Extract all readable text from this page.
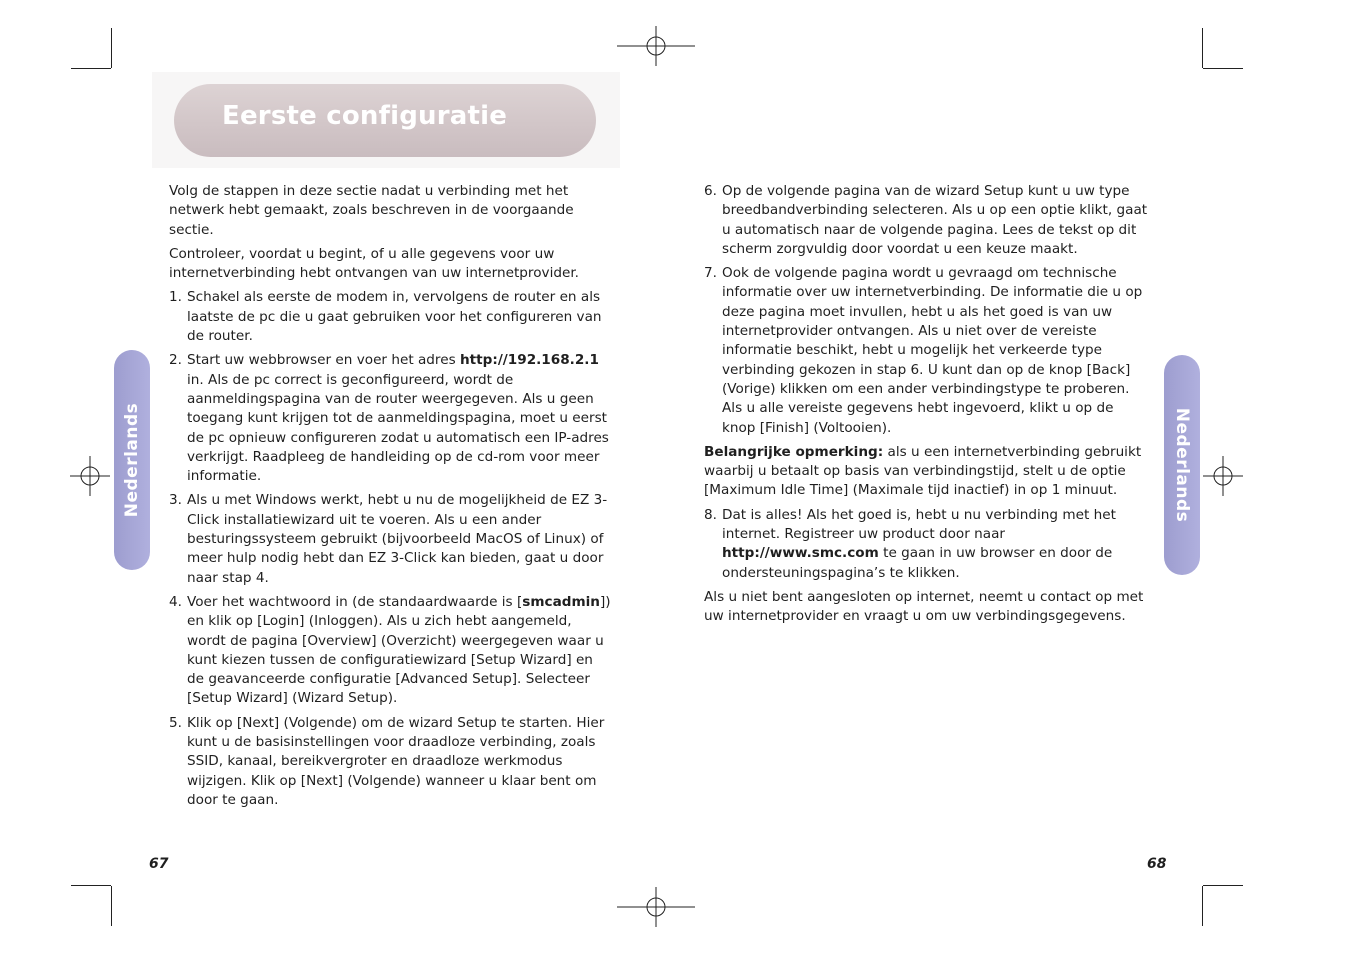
Eerste configuratie
Nederlands	Nederlands

Volg de stappen in deze sectie nadat u verbinding met het netwerk hebt gemaakt, zoals beschreven in de voorgaande sectie.

Controleer, voordat u begint, of u alle gegevens voor uw internetverbinding hebt ontvangen van uw internetprovider.

1. Schakel als eerste de modem in, vervolgens de router en als laatste de pc die u gaat gebruiken voor het configureren van de router.
2. Start uw webbrowser en voer het adres http://192.168.2.1 in. Als de pc correct is geconfigureerd, wordt de aanmeldingspagina van de router weergegeven. Als u geen toegang kunt krijgen tot de aanmeldingspagina, moet u eerst de pc opnieuw configureren zodat u automatisch een IP-adres verkrijgt. Raadpleeg de handleiding op de cd-rom voor meer informatie.
3. Als u met Windows werkt, hebt u nu de mogelijkheid de EZ 3-Click installatiewizard uit te voeren. Als u een ander besturingssysteem gebruikt (bijvoorbeeld MacOS of Linux) of meer hulp nodig hebt dan EZ 3-Click kan bieden, gaat u door naar stap 4.
4. Voer het wachtwoord in (de standaardwaarde is [smcadmin]) en klik op [Login] (Inloggen). Als u zich hebt aangemeld, wordt de pagina [Overview] (Overzicht) weergegeven waar u kunt kiezen tussen de configuratiewizard [Setup Wizard] en de geavanceerde configuratie [Advanced Setup]. Selecteer [Setup Wizard] (Wizard Setup).
5. Klik op [Next] (Volgende) om de wizard Setup te starten. Hier kunt u de basisinstellingen voor draadloze verbinding, zoals SSID, kanaal, bereikvergroter en draadloze werkmodus wijzigen. Klik op [Next] (Volgende) wanneer u klaar bent om door te gaan.
6. Op de volgende pagina van de wizard Setup kunt u uw type breedbandverbinding selecteren. Als u op een optie klikt, gaat u automatisch naar de volgende pagina. Lees de tekst op dit scherm zorgvuldig door voordat u een keuze maakt.
7. Ook de volgende pagina wordt u gevraagd om technische informatie over uw internetverbinding. De informatie die u op deze pagina moet invullen, hebt u als het goed is van uw internetprovider ontvangen. Als u niet over de vereiste informatie beschikt, hebt u mogelijk het verkeerde type verbinding gekozen in stap 6. U kunt dan op de knop [Back] (Vorige) klikken om een ander verbindingstype te proberen. Als u alle vereiste gegevens hebt ingevoerd, klikt u op de knop [Finish] (Voltooien).

Belangrijke opmerking: als u een internetverbinding gebruikt waarbij u betaalt op basis van verbindingstijd, stelt u de optie [Maximum Idle Time] (Maximale tijd inactief) in op 1 minuut.

8. Dat is alles! Als het goed is, hebt u nu verbinding met het internet. Registreer uw product door naar http://www.smc.com te gaan in uw browser en door de ondersteuningspagina’s te klikken.

Als u niet bent aangesloten op internet, neemt u contact op met uw internetprovider en vraagt u om uw verbindingsgegevens.

67	68
